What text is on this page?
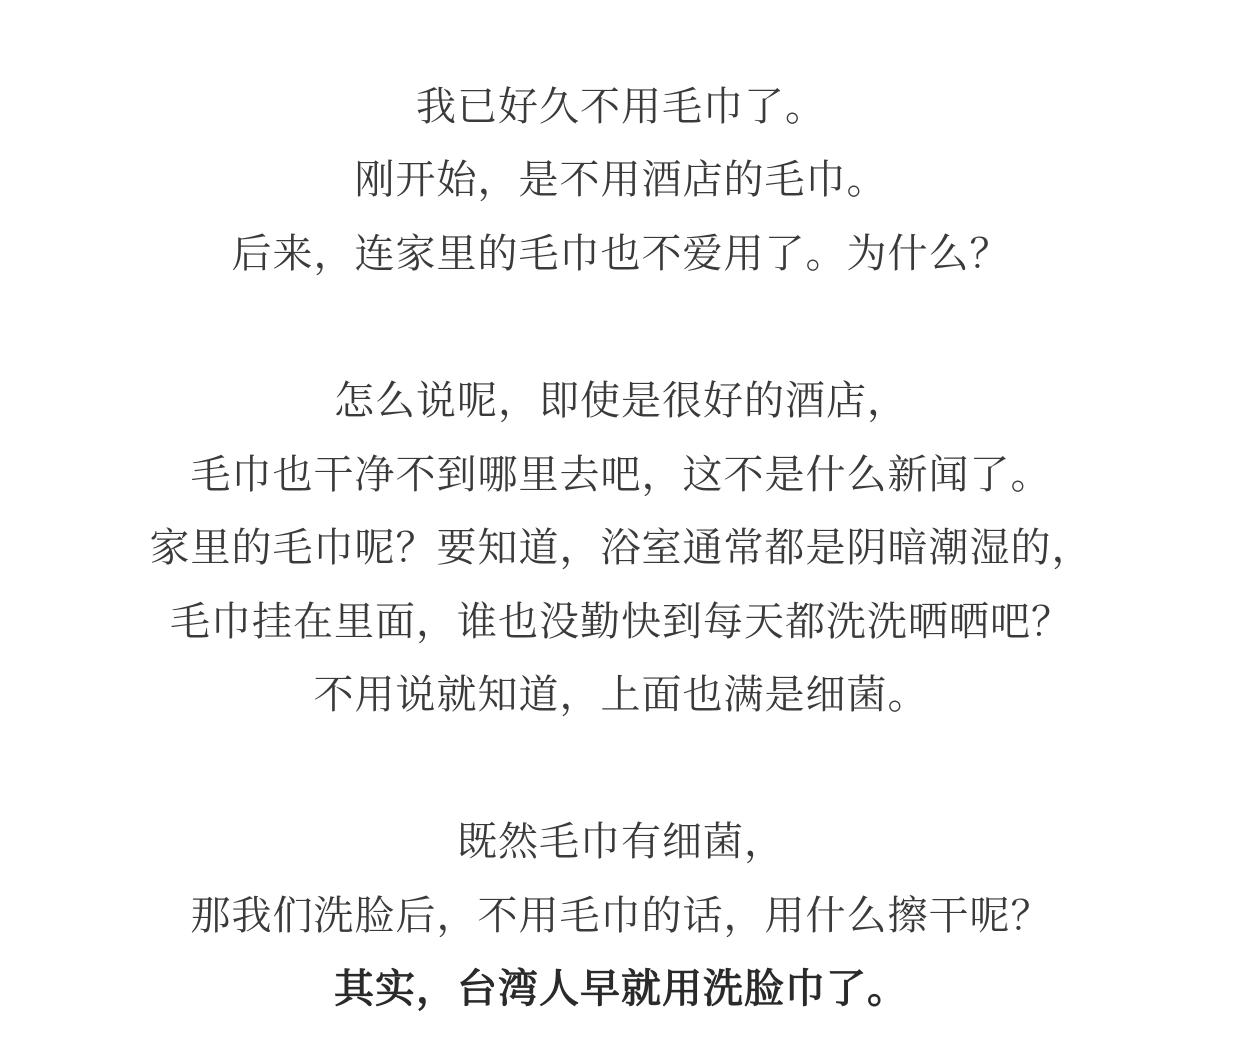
我已好久不用毛巾了。
刚开始，是不用酒店的毛巾。
后来，连家里的毛巾也不爱用了。为什么？
怎么说呢，即使是很好的酒店，
毛巾也干净不到哪里去吧，这不是什么新闻了。
家里的毛巾呢？要知道，浴室通常都是阴暗潮湿的，
毛巾挂在里面，谁也没勤快到每天都洗洗晒晒吧？
不用说就知道，上面也满是细菌。
既然毛巾有细菌，
那我们洗脸后，不用毛巾的话，用什么擦干呢？
其实，台湾人早就用洗脸巾了。
